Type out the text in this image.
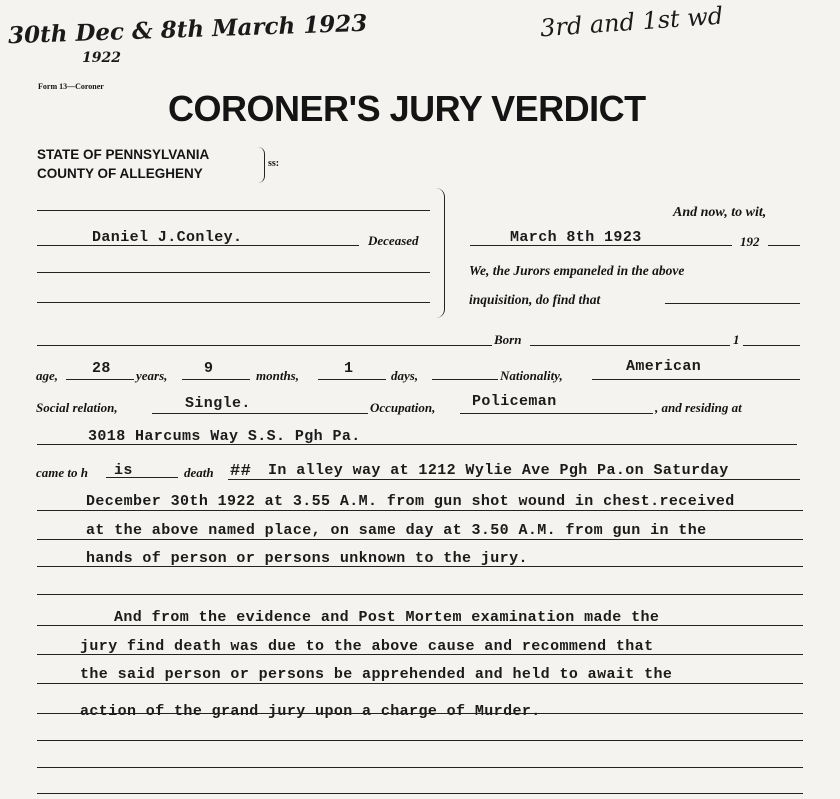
30th Dec & 8th March 1923
1922
3rd and 1st wd
Form 13—Coroner
CORONER'S JURY VERDICT
STATE OF PENNSYLVANIA
COUNTY OF ALLEGHENY
ss:
Daniel J.Conley.	Deceased
And now, to wit,
March 8th 1923	192
We, the Jurors empaneled in the above
inquisition, do find that
Born	1
age, 28 years, 9	months,	1	days,	Nationality,
American
Social relation,	Single.	Occupation, Policeman	, and residing at
3018 Harcums Way S.S. Pgh Pa.
came to h is	death ## In alley way at 1212 Wylie Ave Pgh Pa.on Saturday
December 30th 1922 at 3.55 A.M. from gun shot wound in chest.received
at the above named place, on same day at 3.50 A.M. from gun in the
hands of person or persons unknown to the jury.
And from the evidence and Post Mortem examination made the
jury find death was due to the above cause and recommend that
the said person or persons be apprehended and held to await the
action of the grand jury upon a charge of Murder.
